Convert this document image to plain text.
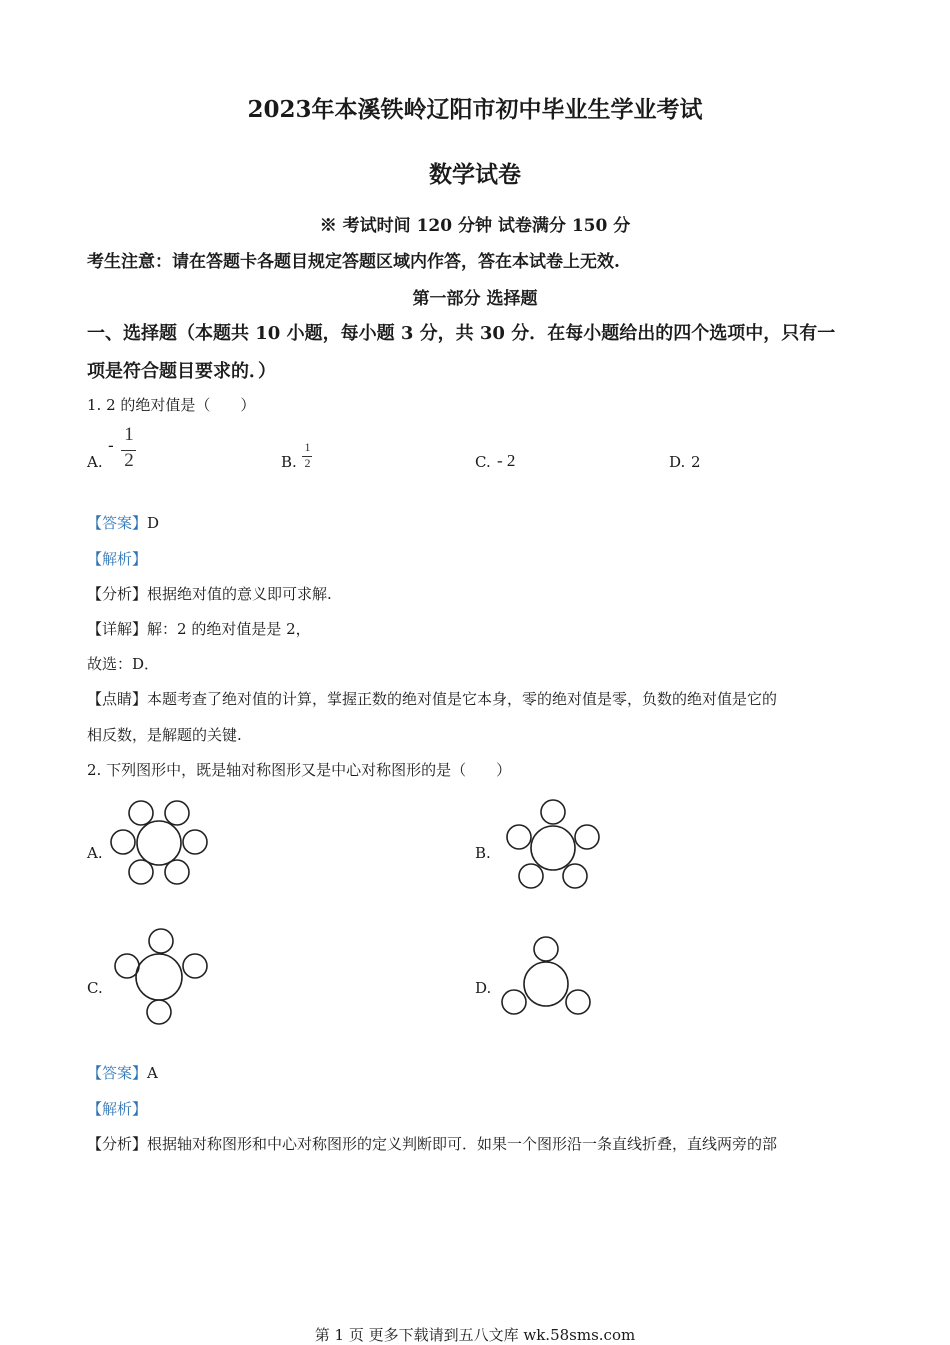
2023年本溪铁岭辽阳市初中毕业生学业考试
数学试卷
※ 考试时间 120 分钟 试卷满分 150 分
考生注意：请在答题卡各题目规定答题区域内作答，答在本试卷上无效.
第一部分 选择题
一、选择题（本题共 10 小题，每小题 3 分，共 30 分．在每小题给出的四个选项中，只有一
项是符合题目要求的．）
1. 2 的绝对值是（　　）
A.
-
1
2	B.
1
2	C. - 2	D. 2
【答案】D
【解析】
【分析】根据绝对值的意义即可求解.
【详解】解：2 的绝对值是是 2，
故选：D．
【点睛】本题考查了绝对值的计算，掌握正数的绝对值是它本身，零的绝对值是零，负数的绝对值是它的
相反数，是解题的关键.
2. 下列图形中，既是轴对称图形又是中心对称图形的是（　　）
A.	B.
C.	D.
【答案】A
【解析】
【分析】根据轴对称图形和中心对称图形的定义判断即可．如果一个图形沿一条直线折叠，直线两旁的部
第 1 页 更多下载请到五八文库 wk.58sms.com
